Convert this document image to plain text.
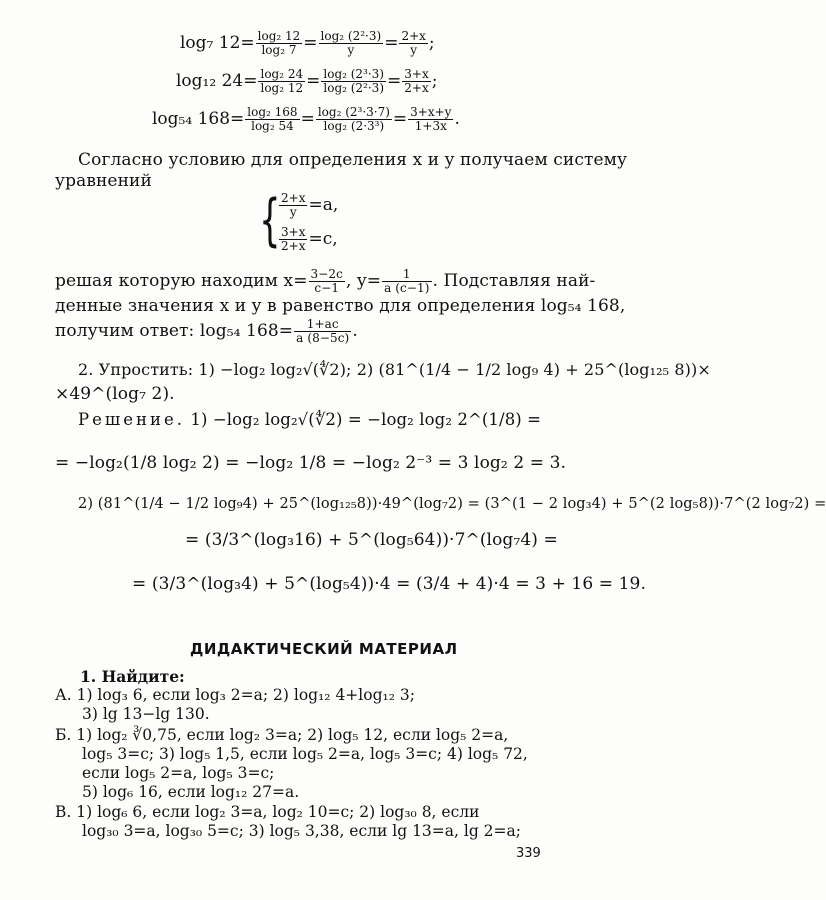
log₇ $12= \frac{\text{log₂ 12}}{\text{log₂ 7}} = \frac{\text{log₂ (2²·3)}}{y} = \frac{2+x}{y}$ ;
log₁₂ $24= \frac{\text{log₂ 24}}{\text{log₂ 12}} = \frac{\text{log₂ (2³·3)}}{\text{log₂ (2²·3)}} = \frac{3+x}{2+x}$ ;
log₅₄ $168= \frac{\text{log₂ 168}}{\text{log₂ 54}} = \frac{\text{log₂ (2³·3·7)}}{\text{log₂ (2·3³)}} = \frac{3+x+y}{1+3x}$ .
Согласно условию для определения x и y получаем систему
уравнений
{
$\frac{2+x}{y} =a$,
$\frac{3+x}{2+x} =c$,
решая которую находим $x= \frac{3-2c}{c-1}$ , $y= \frac{1}{a (c-1)}$ . Подставляя най-
денные значения x и y в равенство для определения log₅₄ 168,
получим ответ: log₅₄ $168= \frac{1+ac}{a (8-5c)}$ .
2. Упростить: 1) −log₂ log₂√(∜2); 2) (81^(1/4 − 1/2 log₉ 4) + 25^(log₁₂₅ 8))×
×49^(log₇ 2).
Решение. 1) −log₂ log₂√(∜2) = −log₂ log₂ 2^(1/8) =
= −log₂(1/8 log₂ 2) = −log₂ 1/8 = −log₂ 2⁻³ = 3 log₂ 2 = 3.
2) (81^(1/4 − 1/2 log₉4) + 25^(log₁₂₅8))·49^(log₇2) = (3^(1 − 2 log₃4) + 5^(2 log₅8))·7^(2 log₇2) =
= (3/3^(log₃16) + 5^(log₅64))·7^(log₇4) =
= (3/3^(log₃4) + 5^(log₅4))·4 = (3/4 + 4)·4 = 3 + 16 = 19.
ДИДАКТИЧЕСКИЙ МАТЕРИАЛ
1. Найдите:
А. 1) log₃ 6, если log₃ 2=a; 2) log₁₂ 4+log₁₂ 3;
3) lg 13−lg 130.
Б. 1) log₂ ∛0,75, если log₂ 3=a; 2) log₅ 12, если log₅ 2=a,
log₅ 3=c; 3) log₅ 1,5, если log₅ 2=a, log₅ 3=c; 4) log₅ 72,
если log₅ 2=a, log₅ 3=c;
5) log₆ 16, если log₁₂ 27=a.
В. 1) log₆ 6, если log₂ 3=a, log₂ 10=c; 2) log₃₀ 8, если
log₃₀ 3=a, log₃₀ 5=c; 3) log₅ 3,38, если lg 13=a, lg 2=a;
339
